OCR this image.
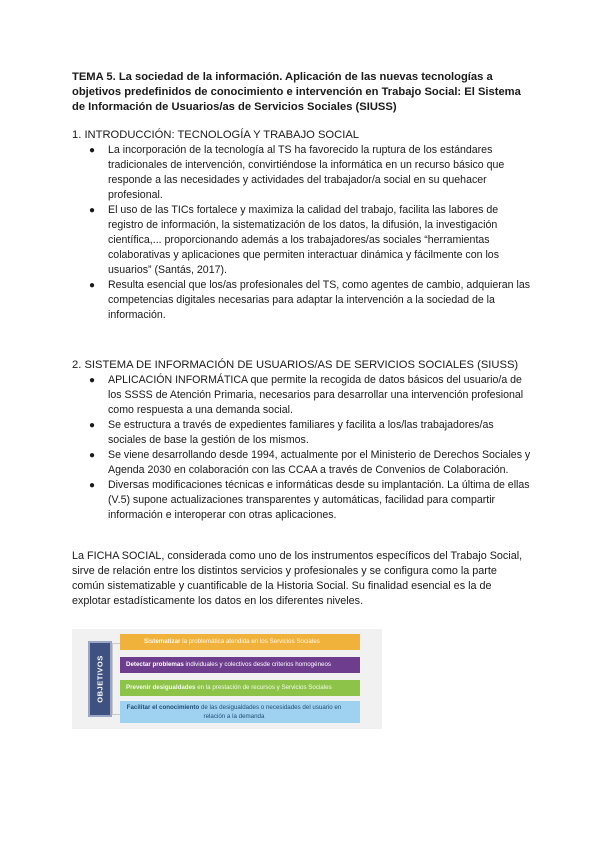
TEMA 5. La sociedad de la información. Aplicación de las nuevas tecnologías a objetivos predefinidos de conocimiento e intervención en Trabajo Social: El Sistema de Información de Usuarios/as de Servicios Sociales (SIUSS)

1. INTRODUCCIÓN: TECNOLOGÍA Y TRABAJO SOCIAL

● La incorporación de la tecnología al TS ha favorecido la ruptura de los estándares tradicionales de intervención, convirtiéndose la informática en un recurso básico que responde a las necesidades y actividades del trabajador/a social en su quehacer profesional.
● El uso de las TICs fortalece y maximiza la calidad del trabajo, facilita las labores de registro de información, la sistematización de los datos, la difusión, la investigación científica,... proporcionando además a los trabajadores/as sociales “herramientas colaborativas y aplicaciones que permiten interactuar dinámica y fácilmente con los usuarios” (Santás, 2017).
● Resulta esencial que los/as profesionales del TS, como agentes de cambio, adquieran las competencias digitales necesarias para adaptar la intervención a la sociedad de la información.

2. SISTEMA DE INFORMACIÓN DE USUARIOS/AS DE SERVICIOS SOCIALES (SIUSS)

● APLICACIÓN INFORMÁTICA que permite la recogida de datos básicos del usuario/a de los SSSS de Atención Primaria, necesarios para desarrollar una intervención profesional como respuesta a una demanda social.
● Se estructura a través de expedientes familiares y facilita a los/las trabajadores/as sociales de base la gestión de los mismos.
● Se viene desarrollando desde 1994, actualmente por el Ministerio de Derechos Sociales y Agenda 2030 en colaboración con las CCAA a través de Convenios de Colaboración.
● Diversas modificaciones técnicas e informáticas desde su implantación. La última de ellas (V.5) supone actualizaciones transparentes y automáticas, facilidad para compartir información e interoperar con otras aplicaciones.

La FICHA SOCIAL, considerada como uno de los instrumentos específicos del Trabajo Social, sirve de relación entre los distintos servicios y profesionales y se configura como la parte común sistematizable y cuantificable de la Historia Social. Su finalidad esencial es la de explotar estadísticamente los datos en los diferentes niveles.

OBJETIVOS
Sistematizar la problemática atendida en los Servicios Sociales
Detectar problemas individuales y colectivos desde criterios homogéneos
Prevenir desigualdades en la prestación de recursos y Servicios Sociales
Facilitar el conocimiento de las desigualdades o necesidades del usuario en relación a la demanda
